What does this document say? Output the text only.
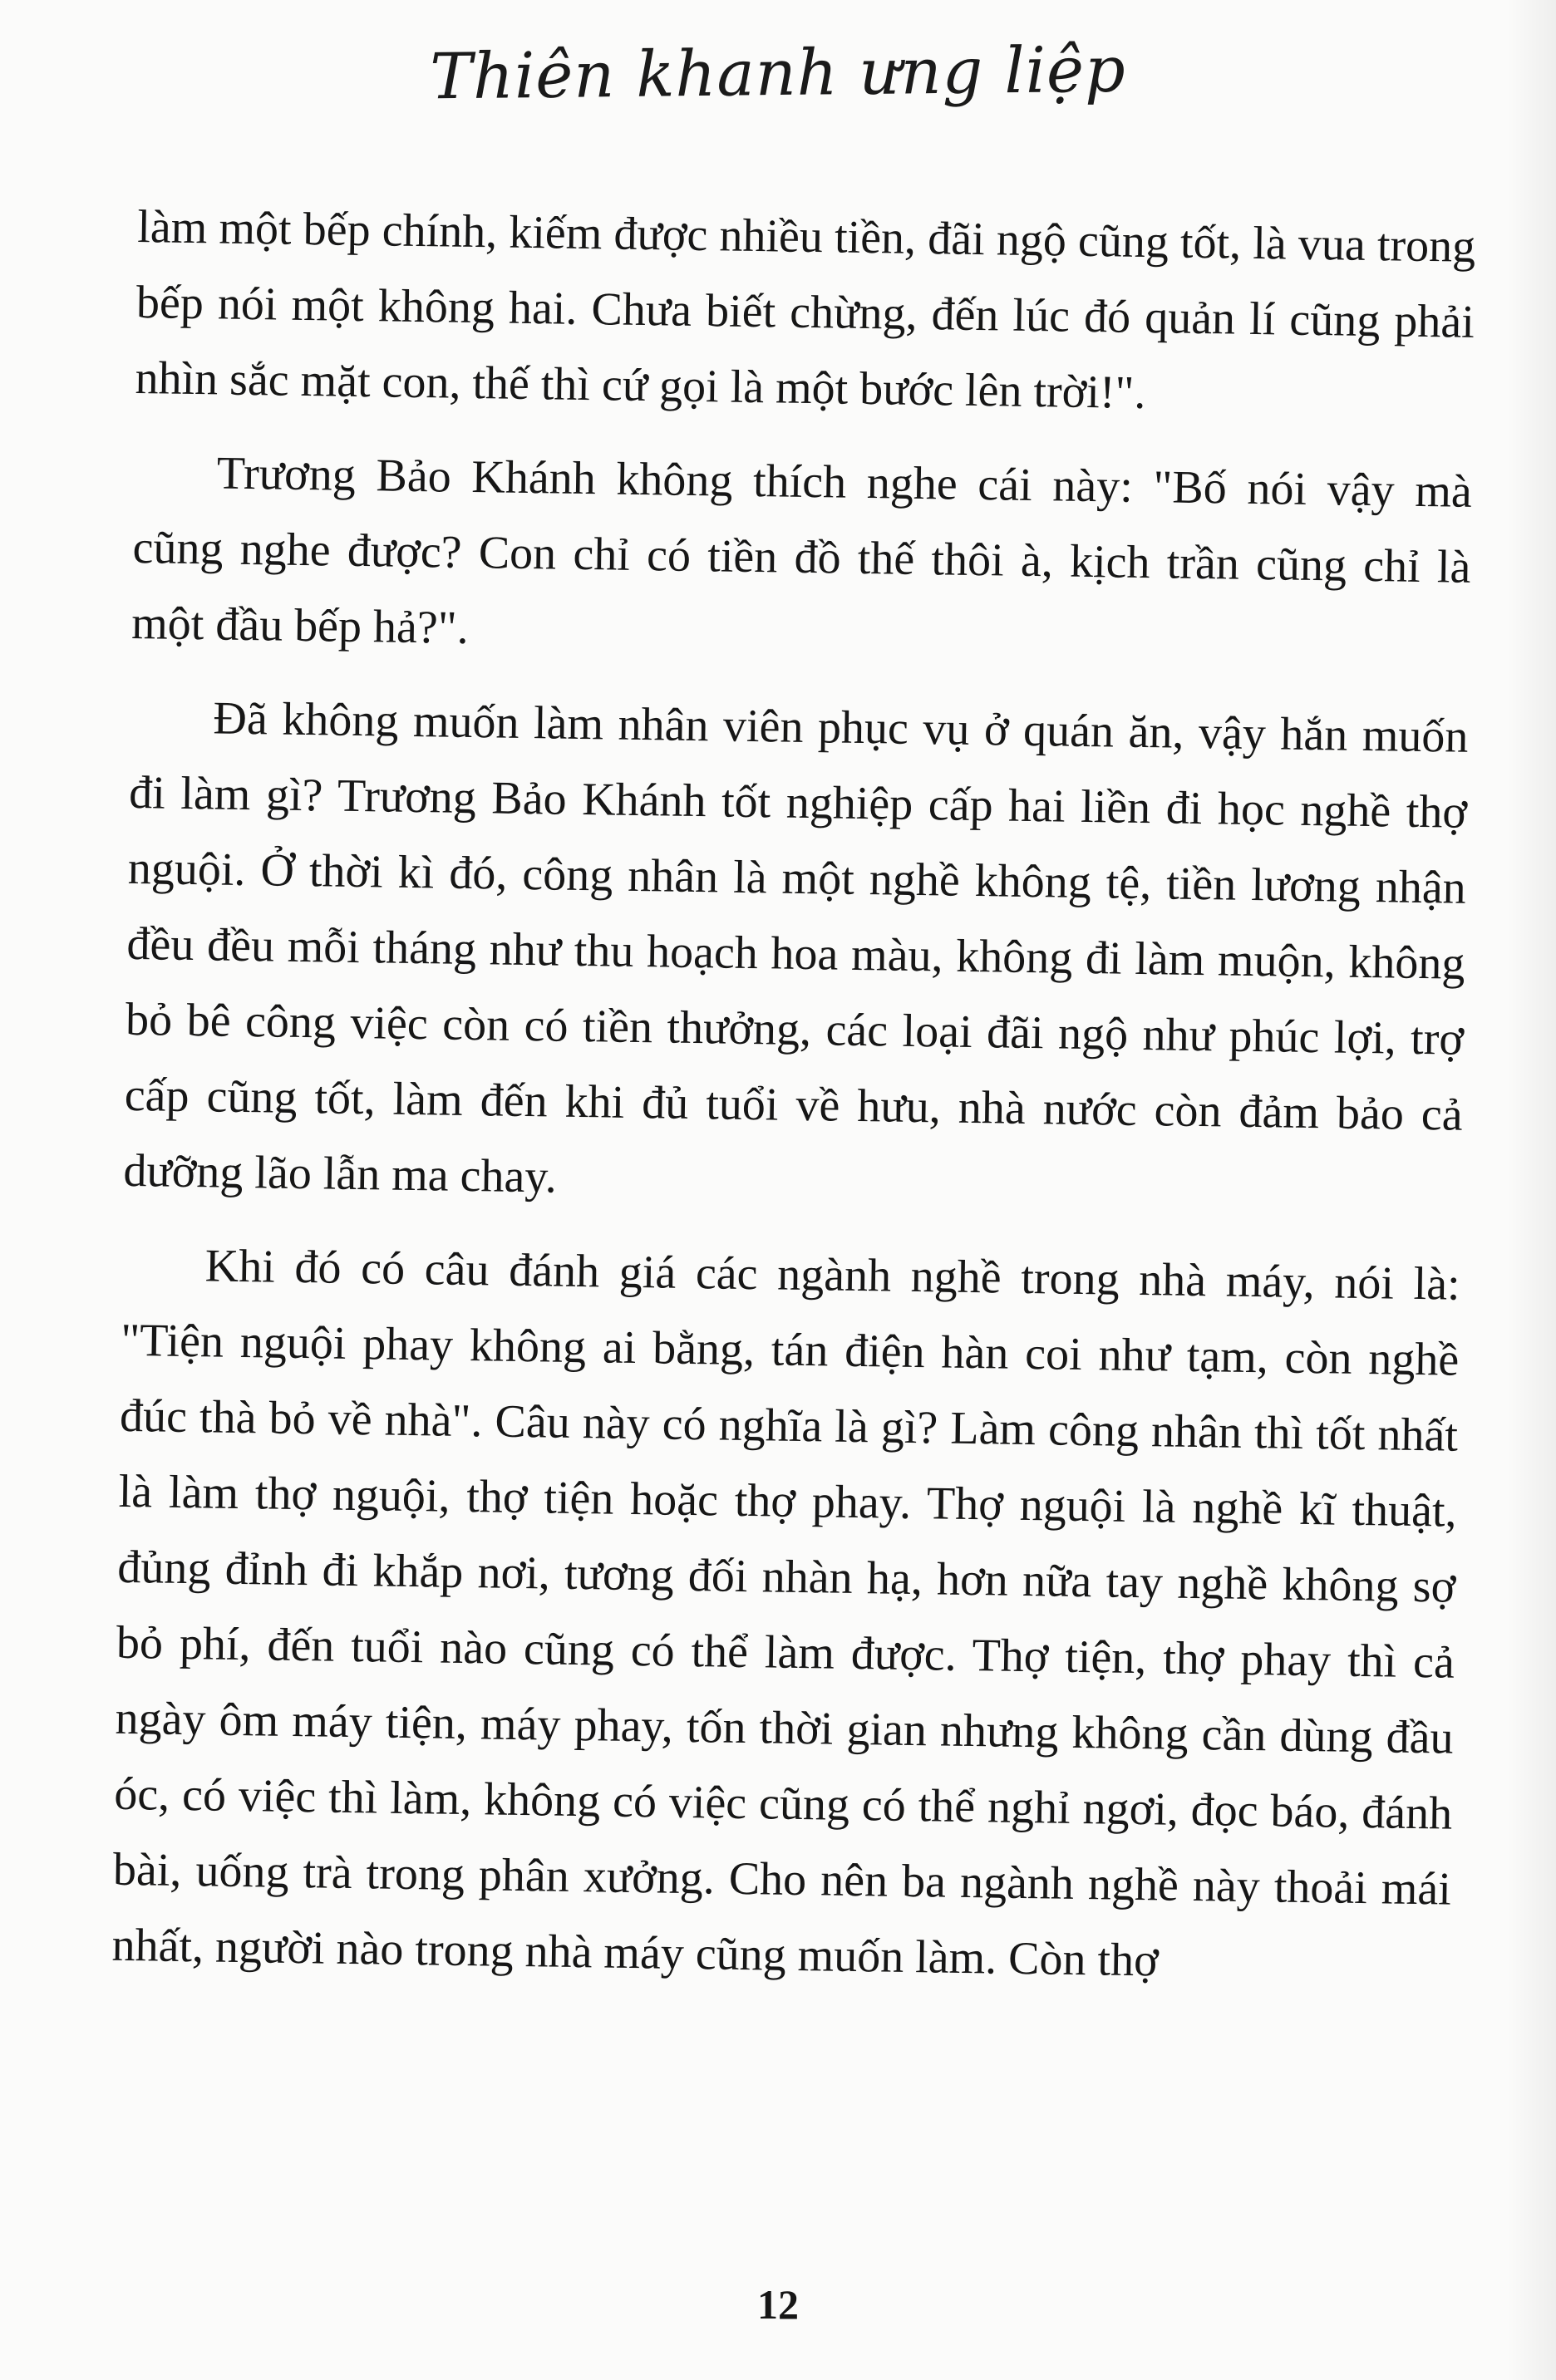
Thiên khanh ưng liệp

làm một bếp chính, kiếm được nhiều tiền, đãi ngộ cũng tốt, là vua trong bếp nói một không hai. Chưa biết chừng, đến lúc đó quản lí cũng phải nhìn sắc mặt con, thế thì cứ gọi là một bước lên trời!".

Trương Bảo Khánh không thích nghe cái này: "Bố nói vậy mà cũng nghe được? Con chỉ có tiền đồ thế thôi à, kịch trần cũng chỉ là một đầu bếp hả?".

Đã không muốn làm nhân viên phục vụ ở quán ăn, vậy hắn muốn đi làm gì? Trương Bảo Khánh tốt nghiệp cấp hai liền đi học nghề thợ nguội. Ở thời kì đó, công nhân là một nghề không tệ, tiền lương nhận đều đều mỗi tháng như thu hoạch hoa màu, không đi làm muộn, không bỏ bê công việc còn có tiền thưởng, các loại đãi ngộ như phúc lợi, trợ cấp cũng tốt, làm đến khi đủ tuổi về hưu, nhà nước còn đảm bảo cả dưỡng lão lẫn ma chay.

Khi đó có câu đánh giá các ngành nghề trong nhà máy, nói là: "Tiện nguội phay không ai bằng, tán điện hàn coi như tạm, còn nghề đúc thà bỏ về nhà". Câu này có nghĩa là gì? Làm công nhân thì tốt nhất là làm thợ nguội, thợ tiện hoặc thợ phay. Thợ nguội là nghề kĩ thuật, đủng đỉnh đi khắp nơi, tương đối nhàn hạ, hơn nữa tay nghề không sợ bỏ phí, đến tuổi nào cũng có thể làm được. Thợ tiện, thợ phay thì cả ngày ôm máy tiện, máy phay, tốn thời gian nhưng không cần dùng đầu óc, có việc thì làm, không có việc cũng có thể nghỉ ngơi, đọc báo, đánh bài, uống trà trong phân xưởng. Cho nên ba ngành nghề này thoải mái nhất, người nào trong nhà máy cũng muốn làm. Còn thợ

12
